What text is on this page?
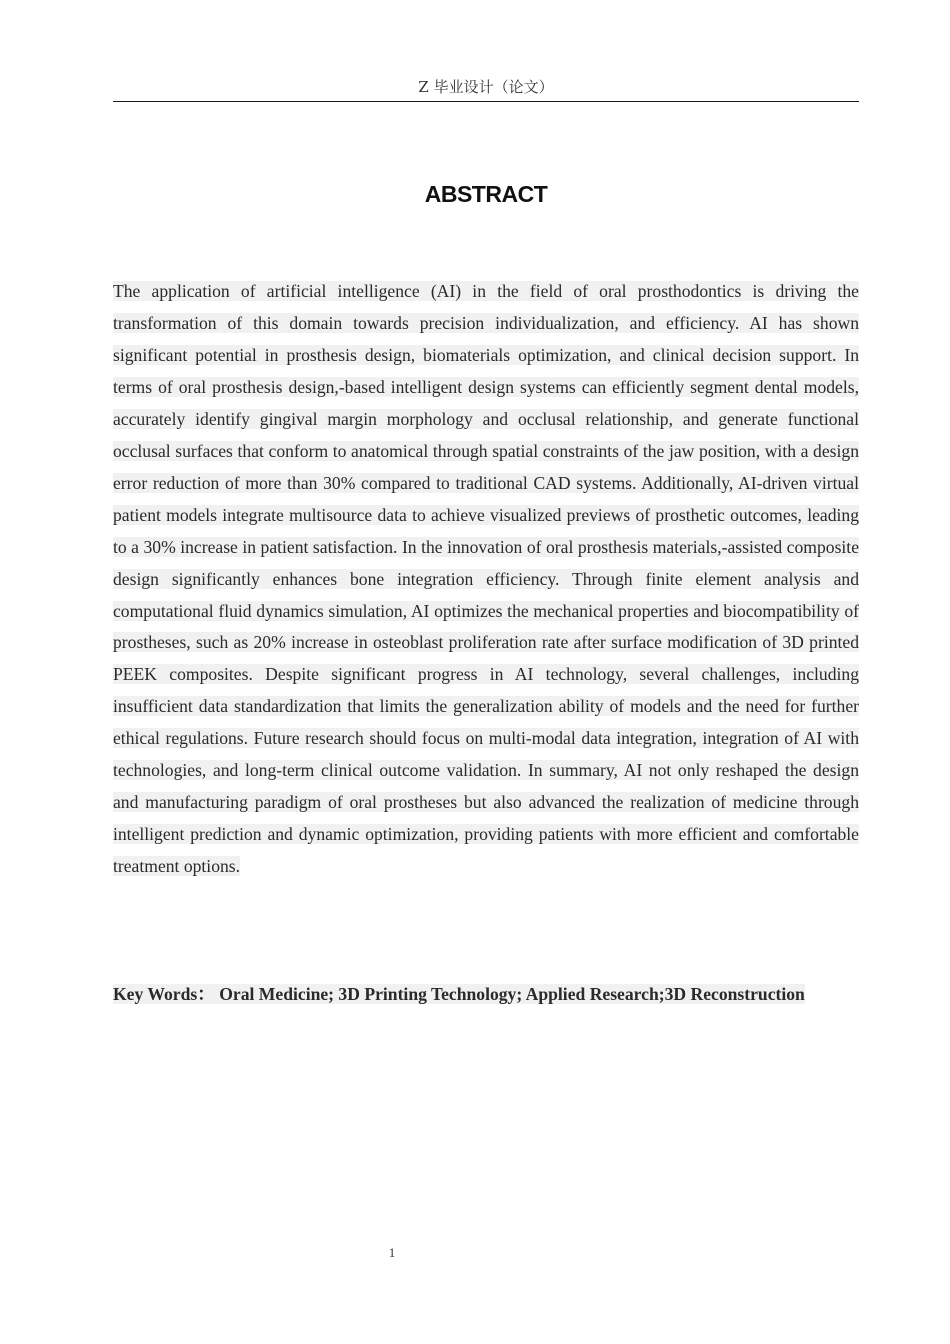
Z 毕业设计（论文）
ABSTRACT

The application of artificial intelligence (AI) in the field of oral prosthodontics is driving the transformation of this domain towards precision individualization, and efficiency. AI has shown significant potential in prosthesis design, biomaterials optimization, and clinical decision support. In terms of oral prosthesis design,-based intelligent design systems can efficiently segment dental models, accurately identify gingival margin morphology and occlusal relationship, and generate functional occlusal surfaces that conform to anatomical through spatial constraints of the jaw position, with a design error reduction of more than 30% compared to traditional CAD systems. Additionally, AI-driven virtual patient models integrate multisource data to achieve visualized previews of prosthetic outcomes, leading to a 30% increase in patient satisfaction. In the innovation of oral prosthesis materials,-assisted composite design significantly enhances bone integration efficiency. Through finite element analysis and computational fluid dynamics simulation, AI optimizes the mechanical properties and biocompatibility of prostheses, such as 20% increase in osteoblast proliferation rate after surface modification of 3D printed PEEK composites. Despite significant progress in AI technology, several challenges, including insufficient data standardization that limits the generalization ability of models and the need for further ethical regulations. Future research should focus on multi-modal data integration, integration of AI with technologies, and long-term clinical outcome validation. In summary, AI not only reshaped the design and manufacturing paradigm of oral prostheses but also advanced the realization of medicine through intelligent prediction and dynamic optimization, providing patients with more efficient and comfortable treatment options.

Key Words： Oral Medicine; 3D Printing Technology; Applied Research;3D Reconstruction

1
